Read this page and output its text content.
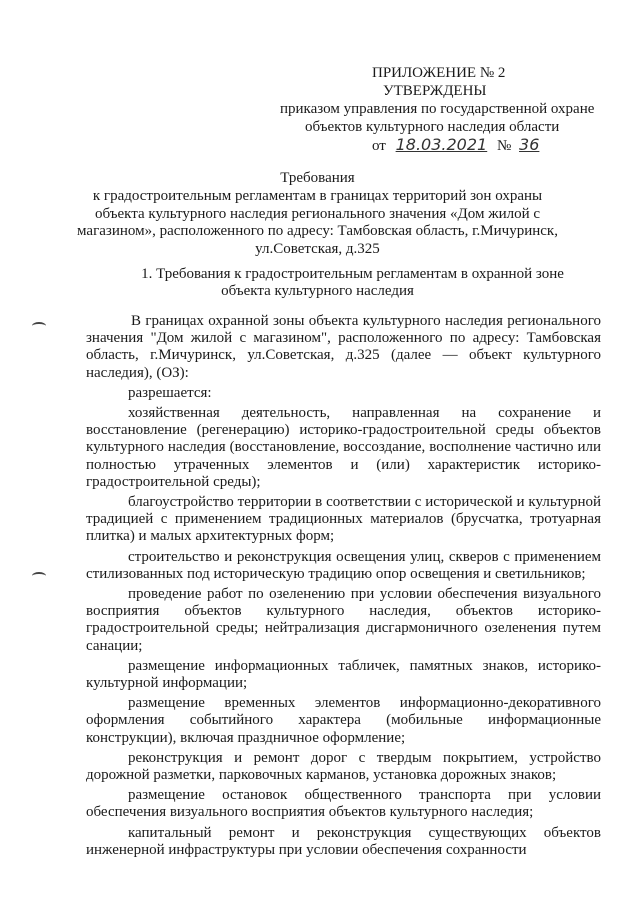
ПРИЛОЖЕНИЕ № 2
УТВЕРЖДЕНЫ
приказом управления по государственной охране
объектов культурного наследия области
от 18.03.2021 № 36
Требования
к градостроительным регламентам в границах территорий зон охраны
объекта культурного наследия регионального значения «Дом жилой с
магазином», расположенного по адресу: Тамбовская область, г.Мичуринск,
ул.Советская, д.325
1. Требования к градостроительным регламентам в охранной зоне
объекта культурного наследия

В границах охранной зоны объекта культурного наследия регионального значения "Дом жилой с магазином", расположенного по адресу: Тамбовская область, г.Мичуринск, ул.Советская, д.325 (далее — объект культурного наследия), (ОЗ):

разрешается:

хозяйственная деятельность, направленная на сохранение и восстановление (регенерацию) историко-градостроительной среды объектов культурного наследия (восстановление, воссоздание, восполнение частично или полностью утраченных элементов и (или) характеристик историко-градостроительной среды);

благоустройство территории в соответствии с исторической и культурной традицией с применением традиционных материалов (брусчатка, тротуарная плитка) и малых архитектурных форм;

строительство и реконструкция освещения улиц, скверов с применением стилизованных под историческую традицию опор освещения и светильников;

проведение работ по озеленению при условии обеспечения визуального восприятия объектов культурного наследия, объектов историко-градостроительной среды; нейтрализация дисгармоничного озеленения путем санации;

размещение информационных табличек, памятных знаков, историко-культурной информации;

размещение временных элементов информационно-декоративного оформления событийного характера (мобильные информационные конструкции), включая праздничное оформление;

реконструкция и ремонт дорог с твердым покрытием, устройство дорожной разметки, парковочных карманов, установка дорожных знаков;

размещение остановок общественного транспорта при условии обеспечения визуального восприятия объектов культурного наследия;

капитальный ремонт и реконструкция существующих объектов инженерной инфраструктуры при условии обеспечения сохранности
